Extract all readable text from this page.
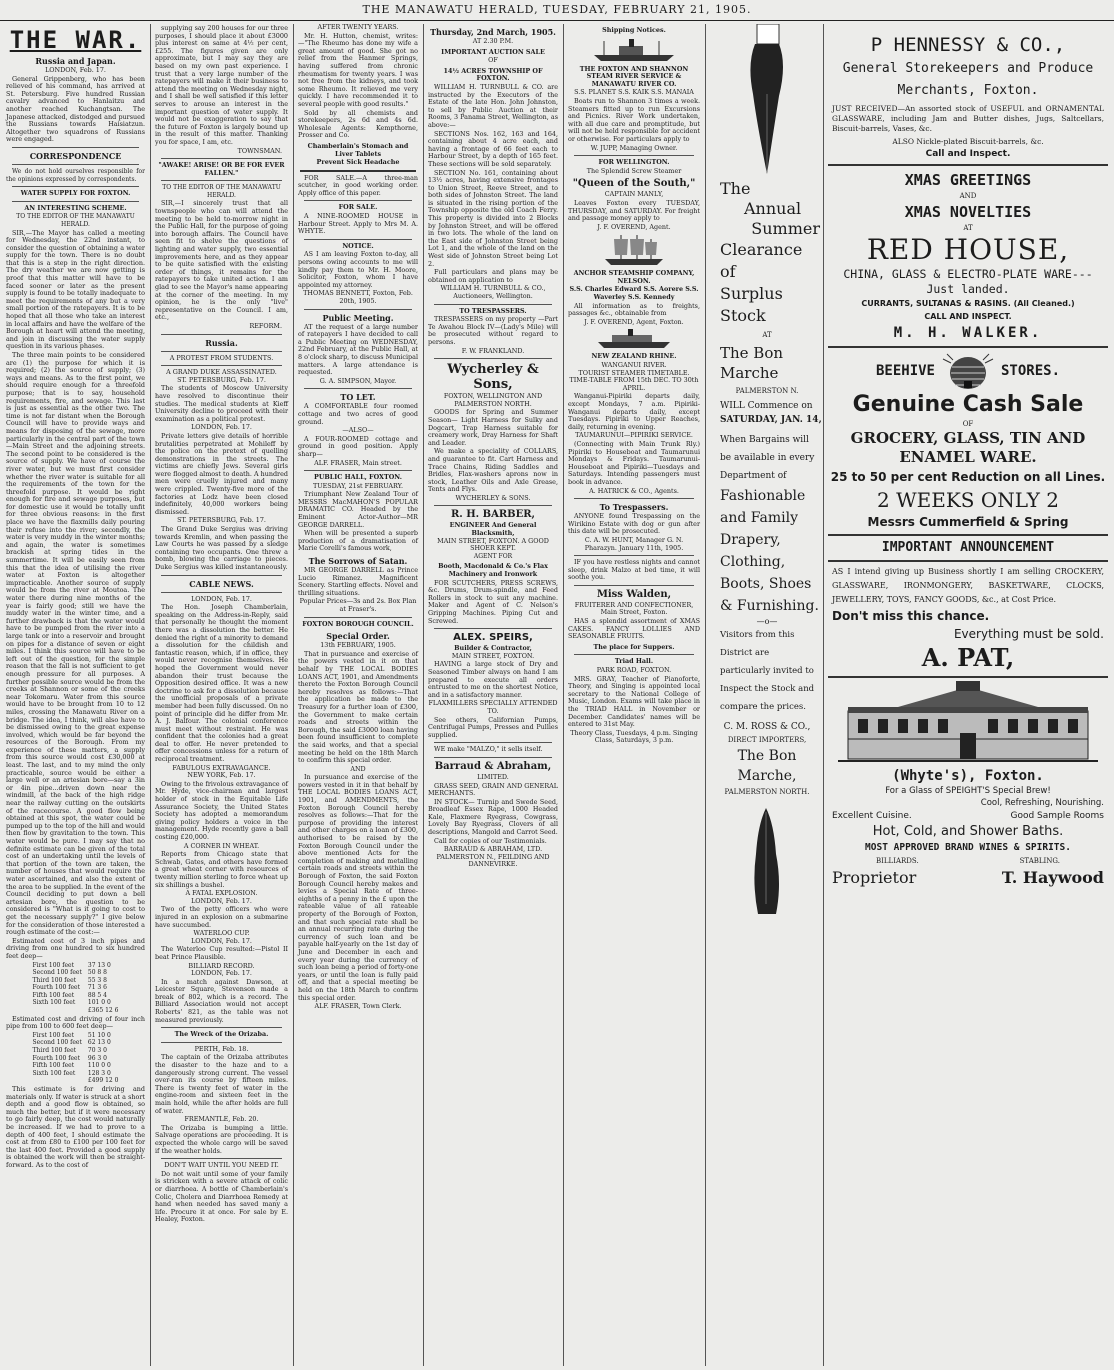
THE MANAWATU HERALD, TUESDAY, FEBRUARY 21, 1905.
THE WAR.
Russia and Japan.
LONDON, Feb. 17.

General Grippenberg, who has been relieved of his command, has arrived at St. Petersburg. Five hundred Russian cavalry advanced to Hanlaitzu and another reached Kuchangtsan. The Japanese attacked, distodged and pursued the Russians towards Haisiatzun. Altogether two squadrons of Russians were engaged.

CORRESPONDENCE

We do not hold ourselves responsible for the opinions expressed by correspondents.

WATER SUPPLY FOR FOXTON.
AN INTERESTING SCHEME.
TO THE EDITOR OF THE MANAWATU HERALD.

SIR,—The Mayor has called a meeting for Wednesday, the 22nd instant, to consider the question of obtaining a water supply for the town. There is no doubt that this is a step in the right direction. The dry weather we are now getting is proof that this matter will have to be faced sooner or later as the present supply is found to be totally inadequate to meet the requirements of any but a very small portion of the ratepayers. It is to be hoped that all those who take an interest in local affairs and have the welfare of the Borough at heart will attend the meeting, and join in discussing the water supply question in its various phases.

The three main points to be considered are (1) the purpose for which it is required; (2) the source of supply; (3) ways and means. As to the first point, we should require enough for a threefold purpose; that is to say, household requirements, fire, and sewage. This last is just as essential as the other two. The time is not far distant when the Borough Council will have to provide ways and means for disposing of the sewage, more particularly in the central part of the town—Main Street and the adjoining streets. The second point to be considered is the source of supply. We have of course the river water, but we must first consider whether the river water is suitable for all the requirements of the town for the threefold purpose. It would be right enough for fire and sewage purposes, but for domestic use it would be totally unfit for three obvious reasons: in the first place we have the flaxmills daily pouring their refuse into the river; secondly, the water is very muddy in the winter months; and again, the water is sometimes brackish at spring tides in the summertime. It will be easily seen from this that the idea of utilising the river water at Foxton is altogether impracticable. Another source of supply would be from the river at Moutoa. The water there during nine months of the year is fairly good; still we have the muddy water in the winter time, and a further drawback is that the water would have to be pumped from the river into a large tank or into a reservoir and brought on pipes for a distance of seven or eight miles. I think this source will have to be left out of the question, for the simple reason that the fall is not sufficient to get enough pressure for all purposes. A further possible source would be from the creeks at Shannon or some of the creeks near Tokomaru. Water from this source would have to be brought from 10 to 12 miles, crossing the Manawatu River on a bridge. The idea, I think, will also have to be dismissed owing to the great expense involved, which would be far beyond the resources of the Borough. From my experience of these matters, a supply from this source would cost £30,000 at least. The last, and to my mind the only practicable, source would be either a large well or an artesian bore—say a 3in or 4in pipe...driven down near the windmill, at the back of the high ridge near the railway cutting on the outskirts of the racecourse. A good flow being obtained at this spot, the water could be pumped up to the top of the hill and would then flow by gravitation to the town. This water would be pure. I may say that no definite estimate can be given of the total cost of an undertaking until the levels of that portion of the town are taken, the number of houses that would require the water ascertained, and also the extent of the area to be supplied. In the event of the Council deciding to put down a bell artesian bore, the question to be considered is "What is it going to cost to get the necessary supply?" I give below for the consideration of those interested a rough estimate of the cost:—

Estimated cost of 3 inch pipes and driving from one hundred to six hundred feet deep—

First 100 feet	37 13 0
Second 100 feet	50 8 8
Third 100 feet	55 3 8
Fourth 100 feet	71 3 6
Fifth 100 feet	88 5 4
Sixth 100 feet	101 0 0
	£365 12 6

Estimated cost and driving of four inch pipe from 100 to 600 feet deep—

First 100 feet	51 10 0
Second 100 feet	62 13 0
Third 100 feet	70 3 0
Fourth 100 feet	96 3 0
Fifth 100 feet	110 0 0
Sixth 100 feet	128 3 0
	£499 12 0

This estimate is for driving and materials only. If water is struck at a short depth and a good flow is obtained, so much the better, but if it were necessary to go fairly deep, the cost would naturally be increased. If we had to prove to a depth of 400 feet, I should estimate the cost at from £80 to £100 per 100 feet for the last 400 feet. Provided a good supply is obtained the work will then be straight-forward. As to the cost of

supplying say 200 houses for our three purposes, I should place it about £3000 plus interest on same at 4½ per cent, £255. The figures given are only approximate, but I may say they are based on my own past experience. I trust that a very large number of the ratepayers will make it their business to attend the meeting on Wednesday night, and I shall be well satisfied if this letter serves to arouse an interest in the important question of water supply. It would not be exaggeration to say that the future of Foxton is largely bound up in the result of this matter. Thanking you for space, I am, etc.

TOWNSMAN.
"AWAKE! ARISE! OR BE FOR EVER FALLEN."
TO THE EDITOR OF THE MANAWATU HERALD.

SIR,—I sincerely trust that all townspeople who can will attend the meeting to be held to-morrow night in the Public Hall, for the purpose of going into borough affairs. The Council have seen fit to shelve the questions of lighting and water supply, two essential improvements here, and as they appear to be quite satisfied with the existing order of things, it remains for the ratepayers to take united action. I am glad to see the Mayor's name appearing at the corner of the meeting. In my opinion, he is the only "live" representative on the Council. I am, etc.,

REFORM.
Russia.
A PROTEST FROM STUDENTS.
A GRAND DUKE ASSASSINATED.
ST. PETERSBURG, Feb. 17.

The students of Moscow University have resolved to discontinue their studies. The medical students at Kieff University decline to proceed with their examination as a political protest.

LONDON, Feb. 17.

Private letters give details of horrible brutalities perpetrated at Mohileff by the police on the pretext of quelling demonstrations in the streets. The victims are chiefly Jews. Several girls were flogged almost to death. A hundred men were cruelly injured and many were crippled. Twenty-five more of the factories at Lodz have been closed indefinitely, 40,000 workers being dismissed.

ST. PETERSBURG, Feb. 17.

The Grand Duke Sergius was driving towards Kremlin, and when passing the Law Courts he was passed by a sledge containing two occupants. One threw a bomb, blowing the carriage to pieces. Duke Sergius was killed instantaneously.

CABLE NEWS.
LONDON, Feb. 17.

The Hon. Joseph Chamberlain, speaking on the Address-in-Reply, said that personally he thought the moment there was a dissolution the better. He denied the right of a minority to demand a dissolution for the childish and fantastic reason, which, if in office, they would never recognise themselves. He hoped the Government would never abandon their trust because the Opposition desired office. It was a new doctrine to ask for a dissolution because the unofficial proposals of a private member had been fully discussed. On no point of principle did he differ from Mr. A. J. Balfour. The colonial conference must meet without restraint. He was confident that the colonies had a great deal to offer. He never pretended to offer concessions unless for a return of reciprocal treatment.

FABULOUS EXTRAVAGANCE.
NEW YORK, Feb. 17.

Owing to the frivolous extravagance of Mr. Hyde, vice-chairman and largest holder of stock in the Equitable Life Assurance Society, the United States Society has adopted a memorandum giving policy holders a voice in the management. Hyde recently gave a ball costing £20,000.

A CORNER IN WHEAT.

Reports from Chicago state that Schwab, Gates, and others have formed a great wheat corner with resources of twenty million sterling to force wheat up six shillings a bushel.

A FATAL EXPLOSION.
LONDON, Feb. 17.

Two of the petty officers who were injured in an explosion on a submarine have succumbed.

WATERLOO CUP.
LONDON, Feb. 17.

The Waterloo Cup resulted:—Pistol II beat Prince Plausible.

BILLIARD RECORD.
LONDON, Feb. 17.

In a match against Dawson, at Leicester Square, Stevenson made a break of 802, which is a record. The Billiard Association would not accept Roberts' 821, as the table was not measured previously.

The Wreck of the Orizaba.
PERTH, Feb. 18.

The captain of the Orizaba attributes the disaster to the haze and to a dangerously strong current. The vessel over-ran its course by fifteen miles. There is twenty feet of water in the engine-room and sixteen feet in the main hold, while the after holds are full of water.

FREMANTLE, Feb. 20.

The Orizaba is bumping a little. Salvage operations are proceeding. It is expected the whole cargo will be saved if the weather holds.

DON'T WAIT UNTIL YOU NEED IT.

Do not wait until some of your family is stricken with a severe attack of colic or diarrhoea. A bottle of Chamberlain's Colic, Cholera and Diarrhoea Remedy at hand when needed has saved many a life. Procure it at once. For sale by E. Healey, Foxton.

AFTER TWENTY YEARS.

Mr. H. Hutton, chemist, writes:—"The Rheumo has done my wife a great amount of good. She got no relief from the Hanmer Springs, having suffered from chronic rheumatism for twenty years. I was not free from the kidneys, and took some Rheumo. It relieved me very quickly. I have recommended it to several people with good results."

Sold by all chemists and storekeepers, 2s 6d and 4s 6d. Wholesale Agents: Kempthorne, Prosser and Co.

Chamberlain's Stomach and Liver Tablets
Prevent Sick Headache

FOR SALE.—A three-man scutcher, in good working order. Apply office of this paper.

FOR SALE.

A NINE-ROOMED HOUSE in Harbour Street. Apply to Mrs M. A. WHYTE.

NOTICE.

AS I am leaving Foxton to-day, all persons owing accounts to me will kindly pay them to Mr. H. Moore, Solicitor, Foxton, whom I have appointed my attorney.

THOMAS BENNETT, Foxton, Feb. 20th, 1905.
Public Meeting.

AT the request of a large number of ratepayers I have decided to call a Public Meeting on WEDNESDAY, 22nd February, at the Public Hall, at 8 o'clock sharp, to discuss Municipal matters. A large attendance is requested.

G. A. SIMPSON, Mayor.
TO LET.

A COMFORTABLE four roomed cottage and two acres of good ground.

—ALSO—

A FOUR-ROOMED cottage and ground in good position. Apply sharp—

ALF. FRASER, Main street.
PUBLIC HALL, FOXTON.
TUESDAY, 21st FEBRUARY.

Triumphant New Zealand Tour of MESSRS MacMAHON'S POPULAR DRAMATIC CO. Headed by the Eminent Actor-Author—MR GEORGE DARRELL.

When will be presented a superb production of a dramatisation of Marie Corelli's famous work,

The Sorrows of Satan.

MR GEORGE DARRELL as Prince Lucio Rimanez. Magnificent Scenery. Startling effects. Novel and thrilling situations.

Popular Prices—3s and 2s. Box Plan at Fraser's.
FOXTON BOROUGH COUNCIL.
Special Order.
13th FEBRUARY, 1905.

That in pursuance and exercise of the powers vested in it on that behalf by THE LOCAL BODIES LOANS ACT, 1901, and Amendments thereto the Foxton Borough Council hereby resolves as follows:—That the application be made to the Treasury for a further loan of £300, the Government to make certain roads and streets within the Borough, the said £3000 loan having been found insufficient to complete the said works, and that a special meeting be held on the 18th March to confirm this special order.

AND

In pursuance and exercise of the powers vested in it in that behalf by THE LOCAL BODIES LOANS ACT, 1901, and AMENDMENTS, the Foxton Borough Council hereby resolves as follows:—That for the purpose of providing the interest and other charges on a loan of £300, authorised to be raised by the Foxton Borough Council under the above mentioned Acts for the completion of making and metalling certain roads and streets within the Borough of Foxton, the said Foxton Borough Council hereby makes and levies a Special Rate of three-eighths of a penny in the £ upon the rateable value of all rateable property of the Borough of Foxton, and that such special rate shall be an annual recurring rate during the currency of such loan and be payable half-yearly on the 1st day of June and December in each and every year during the currency of such loan being a period of forty-one years, or until the loan is fully paid off, and that a special meeting be held on the 18th March to confirm this special order.

ALF. FRASER, Town Clerk.
Thursday, 2nd March, 1905.
AT 2.30 P.M.
IMPORTANT AUCTION SALE
OF
14½ ACRES TOWNSHIP OF FOXTON.

WILLIAM H. TURNBULL & CO. are instructed by the Executors of the Estate of the late Hon. John Johnston, to sell by Public Auction at their Rooms, 3 Panama Street, Wellington, as above:—

SECTIONS Nos. 162, 163 and 164, containing about 4 acre each, and having a frontage of 66 feet each to Harbour Street, by a depth of 165 feet. These sections will be sold separately.

SECTION No. 161, containing about 13½ acres, having extensive frontages to Union Street, Reeve Street, and to both sides of Johnston Street. The land is situated in the rising portion of the Township opposite the old Coach Ferry. This property is divided into 2 Blocks by Johnston Street, and will be offered in two lots. The whole of the land on the East side of Johnston Street being Lot 1, and the whole of the land on the West side of Johnston Street being Lot 2.

Full particulars and plans may be obtained on application to

WILLIAM H. TURNBULL & CO., Auctioneers, Wellington.
TO TRESPASSERS.

TRESPASSERS on my property —Part Te Awahou Block IV—(Lady's Mile) will be prosecuted without regard to persons.

F. W. FRANKLAND.
Wycherley & Sons,
FOXTON, WELLINGTON AND PALMERSTON NORTH.

GOODS for Spring and Summer Season— Light Harness for Sulky and Dogcart, Trap Harness suitable for creamery work, Dray Harness for Shaft and Leader.

We make a speciality of COLLARS, and guarantee to fit. Cart Harness and Trace Chains, Riding Saddles and Bridles, Flax-washers aprons now in stock, Leather Oils and Axle Grease, Tents and Flys.

WYCHERLEY & SONS.
R. H. BARBER,
ENGINEER And General Blacksmith,
MAIN STREET, FOXTON. A GOOD SHOER KEPT.
AGENT FOR
Booth, Macdonald & Co.'s Flax Machinery and Ironwork

FOR SCUTCHERS, PRESS SCREWS, &c. Drums, Drum-spindle, and Feed Rollers in stock to suit any machine. Maker and Agent of C. Nelson's Gripping Machines. Piping Cut and Screwed.

ALEX. SPEIRS,
Builder & Contractor,
MAIN STREET, FOXTON.

HAVING a large stock of Dry and Seasoned Timber always on hand I am prepared to execute all orders entrusted to me on the shortest Notice, and in a satisfactory manner.

FLAXMILLERS SPECIALLY ATTENDED TO.

See others, Californian Pumps, Centrifugal Pumps, Presses and Pullies supplied.

WE make "MALZO," it sells itself.

Barraud & Abraham,
LIMITED.

GRASS SEED, GRAIN AND GENERAL MERCHANTS.

IN STOCK— Turnip and Swede Seed, Broadleaf Essex Rape, 1000 Headed Kale, Flaxmere Ryegrass, Cowgrass, Lovely Bay Ryegrass, Clovers of all descriptions, Mangold and Carrot Seed.

Call for copies of our Testimonials.

BARRAUD & ABRAHAM, LTD. PALMERSTON N., FEILDING AND DANNEVIRKE.
Shipping Notices.
THE FOXTON AND SHANNON STEAM RIVER SERVICE & MANAWATU RIVER CO.
S.S. PLANET S.S. KAIK S.S. MANAIA

Boats run to Shannon 3 times a week. Steamers fitted up to run Excursions and Picnics. River Work undertaken, with all due care and promptitude, but will not be held responsible for accident or otherwise. For particulars apply to

W. JUPP, Managing Owner.
FOR WELLINGTON.
The Splendid Screw Steamer
"Queen of the South,"
CAPTAIN MANLY,

Leaves Foxton every TUESDAY, THURSDAY, and SATURDAY. For freight and passage money apply to

J. F. OVEREND, Agent.
ANCHOR STEAMSHIP COMPANY, NELSON.
S.S. Charles Edward S.S. Aorere S.S. Waverley S.S. Kennedy

All information as to freights, passages &c., obtainable from

J. F. OVEREND, Agent, Foxton.
NEW ZEALAND RHINE.
WANGANUI RIVER.
TOURIST STEAMER TIMETABLE.
TIME-TABLE FROM 15th DEC. TO 30th APRIL.

Wanganui-Pipiriki departs daily, except Mondays, 7 a.m. Pipiriki-Wanganui departs daily, except Tuesdays. Pipiriki to Upper Reaches, daily, returning in evening.

TAUMARUNUI—PIPIRIKI SERVICE.

(Connecting with Main Trunk Rly.) Pipiriki to Houseboat and Taumarunui Mondays & Fridays. Taumarunui-Houseboat and Pipiriki—Tuesdays and Saturdays. Intending passengers must book in advance.

A. HATRICK & CO., Agents.
To Trespassers.

ANYONE found Trespassing on the Wirikino Estate with dog or gun after this date will be prosecuted.

C. A. W. HUNT, Manager G. N. Pharazyn. January 11th, 1905.

IF you have restless nights and cannot sleep, drink Malzo at bed time, it will soothe you.

Miss Walden,
FRUITERER AND CONFECTIONER, Main Street, Foxton.

HAS a splendid assortment of XMAS CAKES. FANCY LOLLIES AND SEASONABLE FRUITS.

The place for Suppers.
Triad Hall.
PARK ROAD, FOXTON.

MRS. GRAY, Teacher of Pianoforte, Theory, and Singing is appointed local secretary to the National College of Music, London. Exams will take place in the TRIAD HALL in November or December. Candidates' names will be entered to 31st May.

Theory Class, Tuesdays, 4 p.m. Singing Class, Saturdays, 3 p.m.
The
Annual
Summer
Clearance of
Surplus Stock
AT
The Bon Marche
PALMERSTON N.
WILL Commence on
SATURDAY, JAN. 14,
When Bargains will be available in every Department of
Fashionable and Family Drapery, Clothing, Boots, Shoes & Furnishing.
—o—
Visitors from this District are particularly invited to Inspect the Stock and compare the prices.
C. M. ROSS & CO.,
DIRECT IMPORTERS,
The Bon Marche,
PALMERSTON NORTH.
P HENNESSY & CO.,
General Storekeepers and Produce Merchants, Foxton.
JUST RECEIVED—An assorted stock of USEFUL and ORNAMENTAL GLASSWARE, including Jam and Butter dishes, Jugs, Saltcellars, Biscuit-barrels, Vases, &c.
ALSO Nickle-plated Biscuit-barrels, &c.
Call and Inspect.
XMAS GREETINGS
AND
XMAS NOVELTIES
AT
RED HOUSE,
CHINA, GLASS & ELECTRO-PLATE WARE---Just landed.
CURRANTS, SULTANAS & RASINS. (All Cleaned.)
CALL AND INSPECT.
M. H. WALKER.
BEEHIVE	STORES.
Genuine Cash Sale
OF
GROCERY, GLASS, TIN AND ENAMEL WARE.
25 to 50 per cent Reduction on all Lines.
2 WEEKS ONLY 2
Messrs Cummerfield & Spring
IMPORTANT ANNOUNCEMENT
AS I intend giving up Business shortly I am selling CROCKERY, GLASSWARE, IRONMONGERY, BASKETWARE, CLOCKS, JEWELLERY, TOYS, FANCY GOODS, &c., at Cost Price.
Don't miss this chance.
Everything must be sold.
A. PAT,
(Whyte's), Foxton.
For a Glass of SPEIGHT'S Special Brew!
Cool, Refreshing, Nourishing.
Excellent Cuisine.	Good Sample Rooms
Hot, Cold, and Shower Baths.
MOST APPROVED BRAND WINES & SPIRITS.
BILLIARDS.	STABLING.
Proprietor	T. Haywood
